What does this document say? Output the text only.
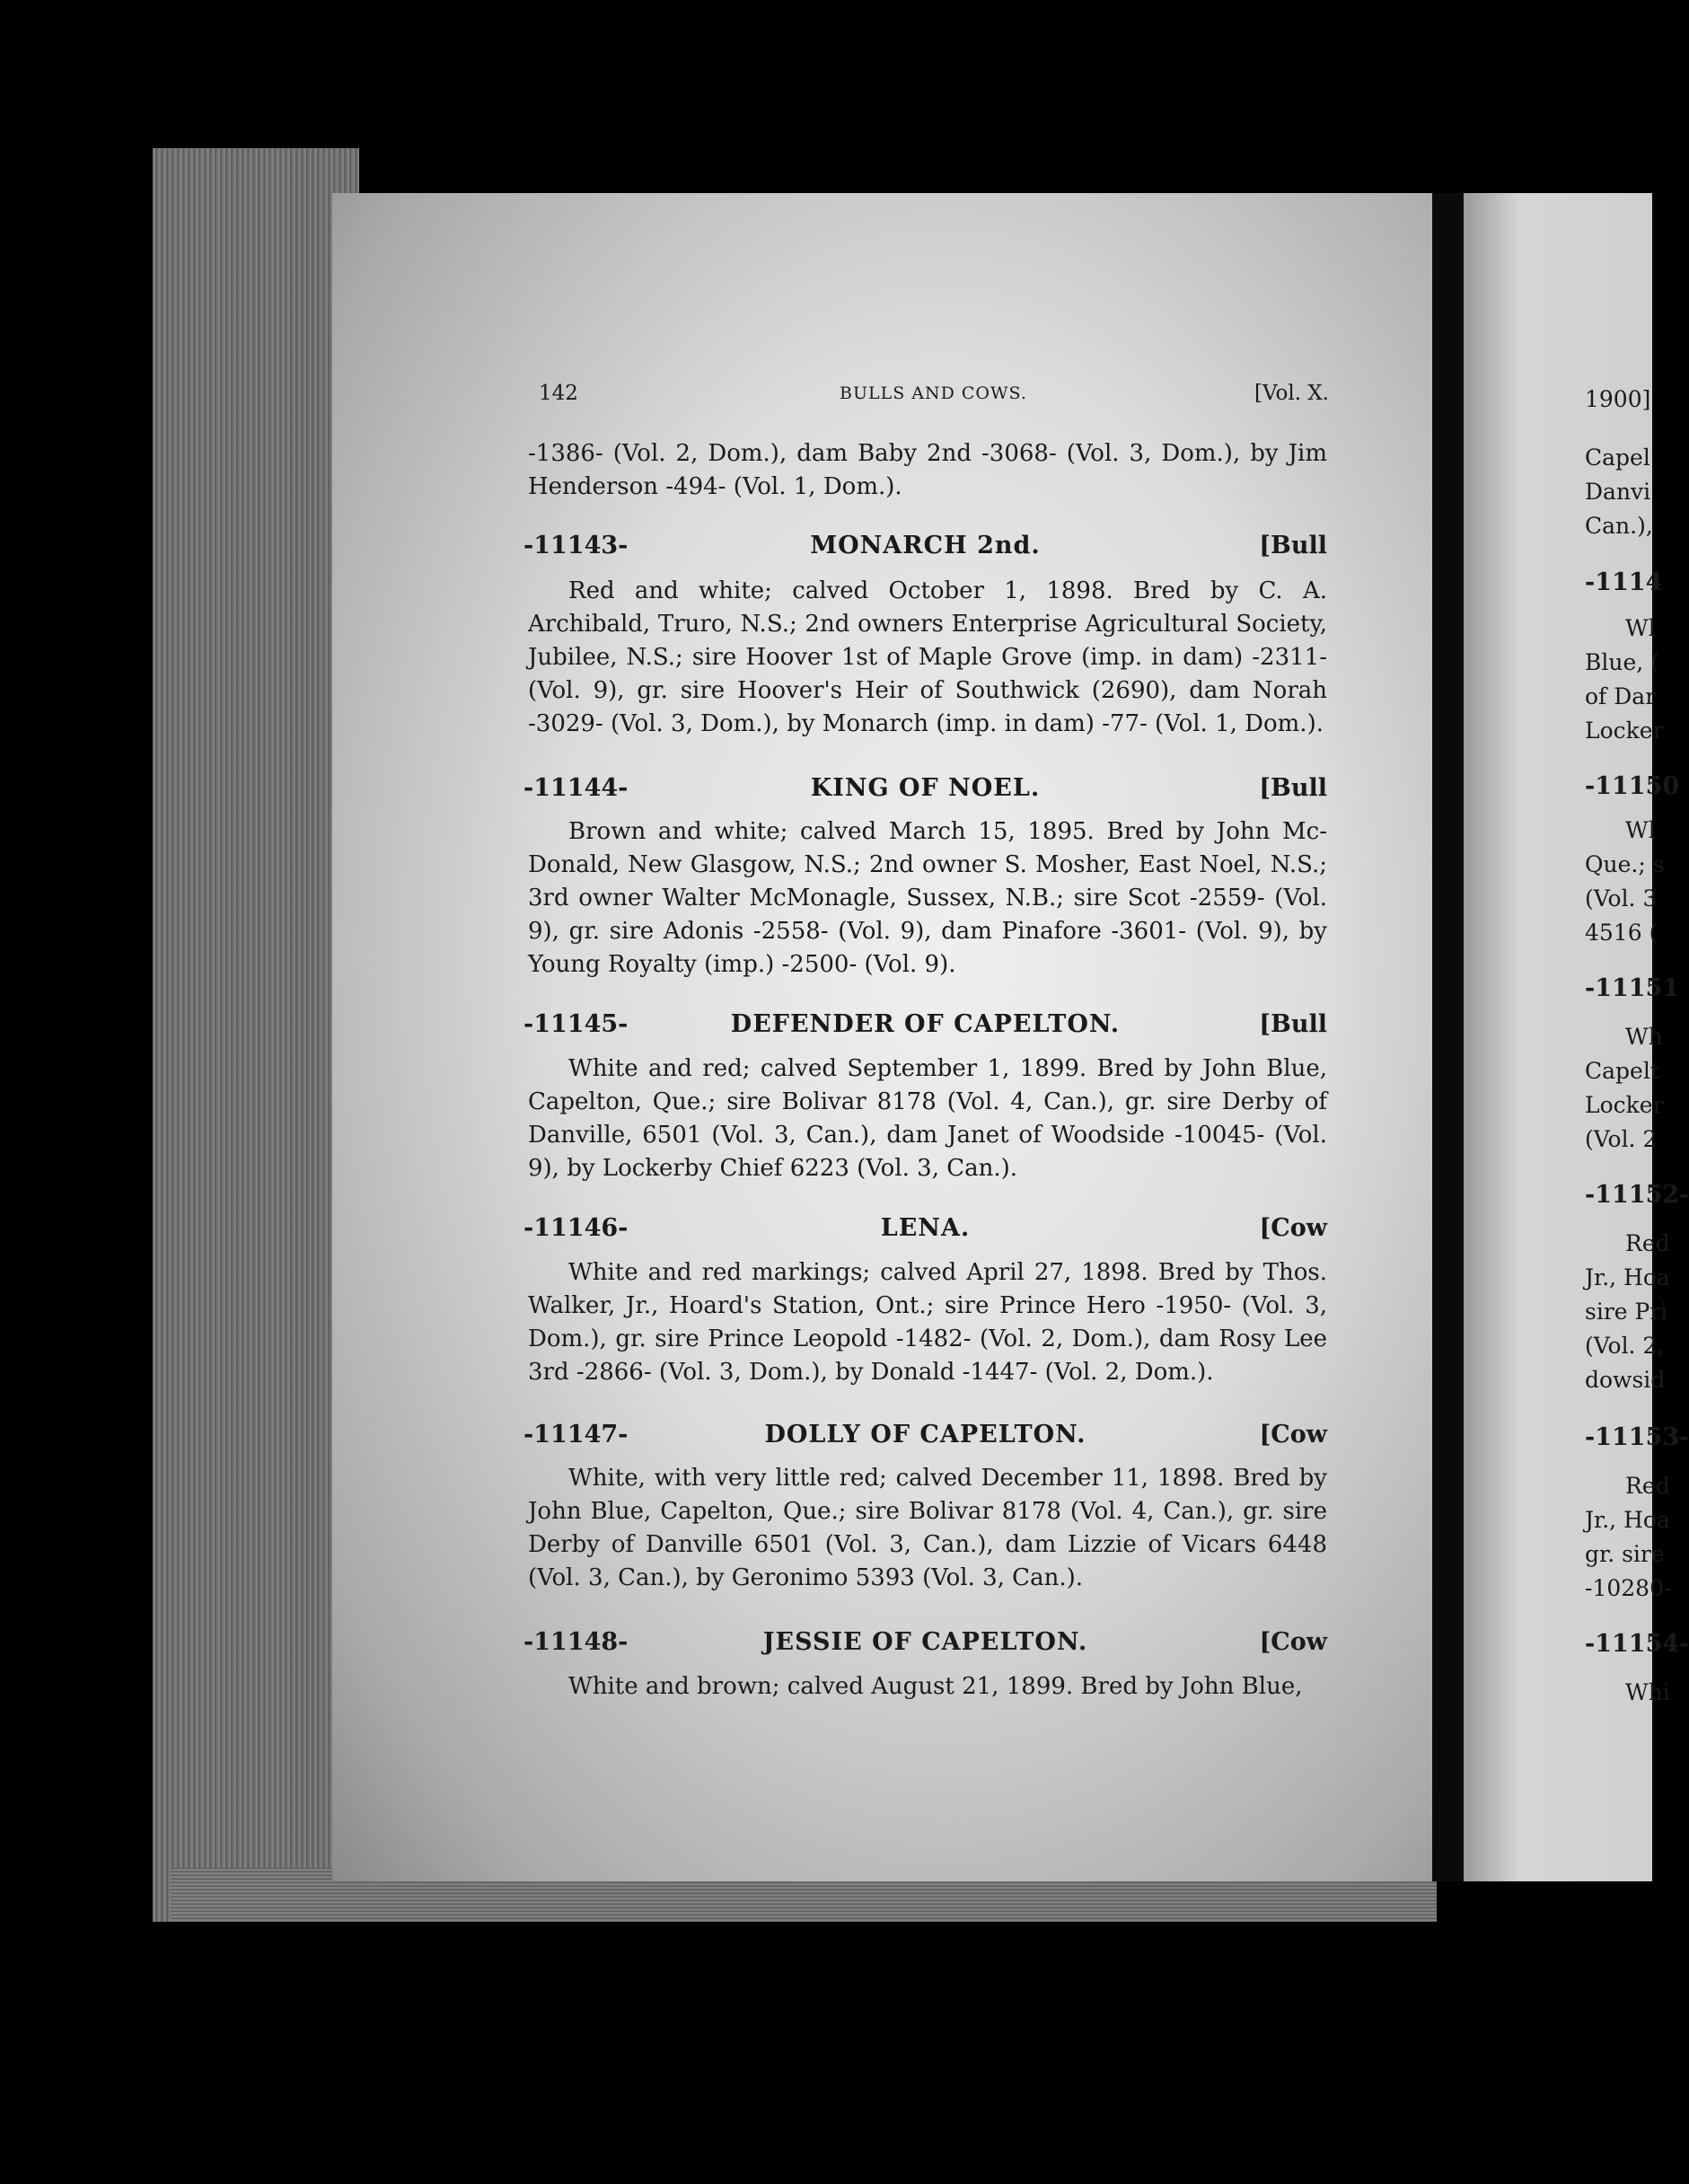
1900]
Capel
Danvi
Can.),
-1114
Wl
Blue, (
of Dar
Locker
-11150
Wl
Que.; s
(Vol. 3
4516 (
-11151
Wh
Capelt
Locker
(Vol. 2
-11152-
Red
Jr., Hoa
sire Pri
(Vol. 2,
dowsid
-11153-
Red
Jr., Hoa
gr. sire
-10280-
-11154-
Whi
142	BULLS AND COWS.	[Vol. X.
-1386- (Vol. 2, Dom.), dam Baby 2nd -3068- (Vol. 3, Dom.), by Jim Henderson -494- (Vol. 1, Dom.).
-11143-	MONARCH 2nd.	[Bull
Red and white; calved October 1, 1898. Bred by C. A. Archibald, Truro, N.S.; 2nd owners Enterprise Agricultural Society, Jubilee, N.S.; sire Hoover 1st of Maple Grove (imp. in dam) -2311- (Vol. 9), gr. sire Hoover's Heir of Southwick (2690), dam Norah -3029- (Vol. 3, Dom.), by Monarch (imp. in dam) -77- (Vol. 1, Dom.).
-11144-	KING OF NOEL.	[Bull
Brown and white; calved March 15, 1895. Bred by John Mc-Donald, New Glasgow, N.S.; 2nd owner S. Mosher, East Noel, N.S.; 3rd owner Walter McMonagle, Sussex, N.B.; sire Scot -2559- (Vol. 9), gr. sire Adonis -2558- (Vol. 9), dam Pinafore -3601- (Vol. 9), by Young Royalty (imp.) -2500- (Vol. 9).
-11145-	DEFENDER OF CAPELTON.	[Bull
White and red; calved September 1, 1899. Bred by John Blue, Capelton, Que.; sire Bolivar 8178 (Vol. 4, Can.), gr. sire Derby of Danville, 6501 (Vol. 3, Can.), dam Janet of Woodside -10045- (Vol. 9), by Lockerby Chief 6223 (Vol. 3, Can.).
-11146-	LENA.	[Cow
White and red markings; calved April 27, 1898. Bred by Thos. Walker, Jr., Hoard's Station, Ont.; sire Prince Hero -1950- (Vol. 3, Dom.), gr. sire Prince Leopold -1482- (Vol. 2, Dom.), dam Rosy Lee 3rd -2866- (Vol. 3, Dom.), by Donald -1447- (Vol. 2, Dom.).
-11147-	DOLLY OF CAPELTON.	[Cow
White, with very little red; calved December 11, 1898. Bred by John Blue, Capelton, Que.; sire Bolivar 8178 (Vol. 4, Can.), gr. sire Derby of Danville 6501 (Vol. 3, Can.), dam Lizzie of Vicars 6448 (Vol. 3, Can.), by Geronimo 5393 (Vol. 3, Can.).
-11148-	JESSIE OF CAPELTON.	[Cow
White and brown; calved August 21, 1899. Bred by John Blue,
